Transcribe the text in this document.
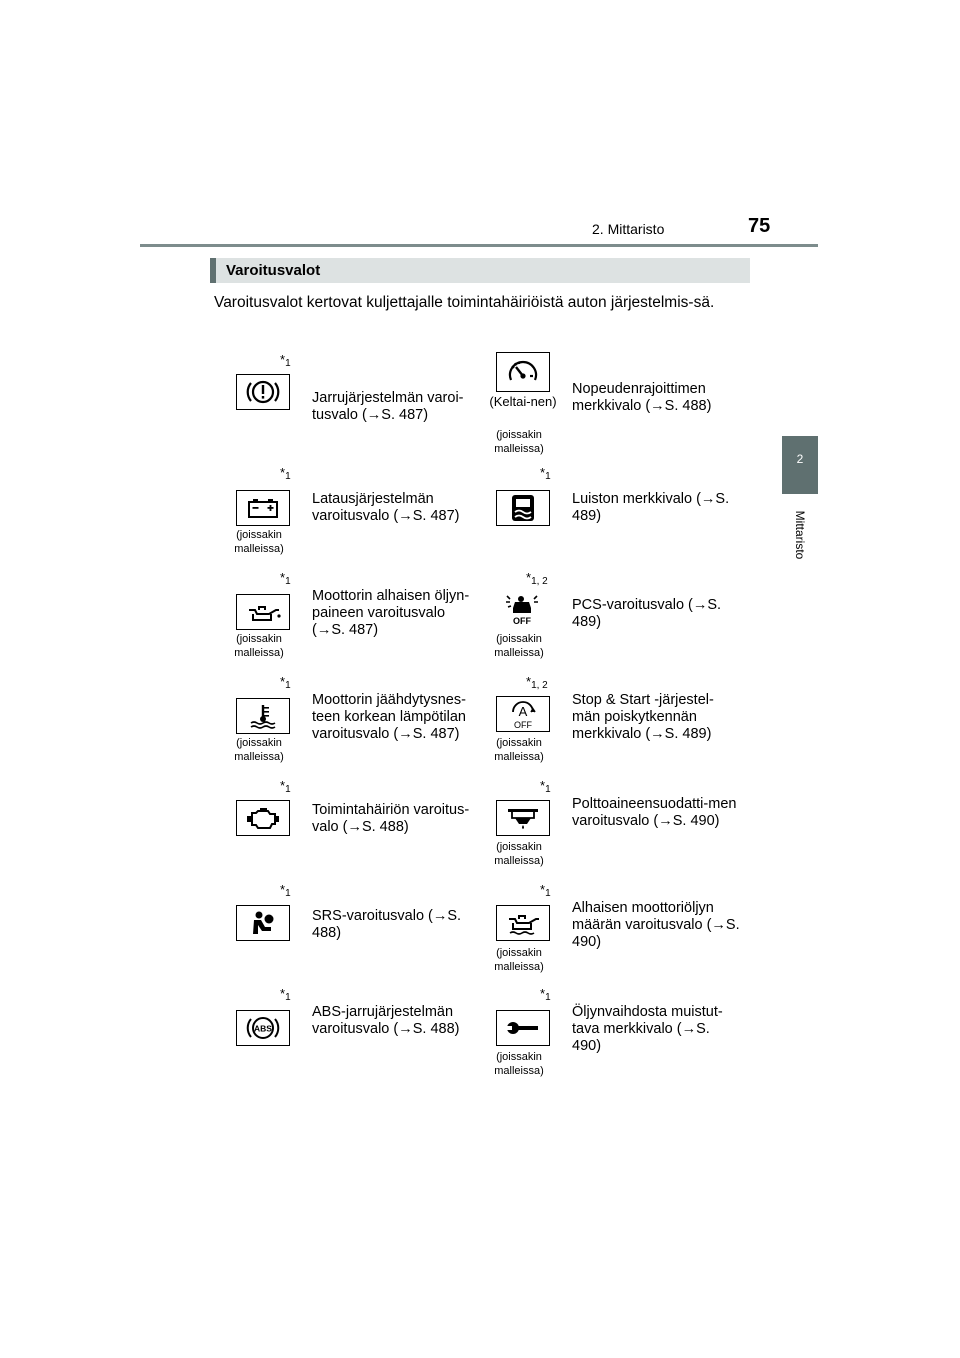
2. Mittaristo	75
2
Mittaristo
Varoitusvalot
Varoitusvalot kertovat kuljettajalle toimintahäiriöistä auton järjestelmis-sä.
$*_1$
Jarrujärjestelmän varoi-tusvalo (→S. 487)
$*_1$
(joissakin malleissa)
Latausjärjestelmän varoitusvalo (→S. 487)
$*_1$
(joissakin malleissa)
Moottorin alhaisen öljyn-paineen varoitusvalo (→S. 487)
$*_1$
(joissakin malleissa)
Moottorin jäähdytysnes-teen korkean lämpötilan varoitusvalo (→S. 487)
$*_1$
Toimintahäiriön varoitus-valo (→S. 488)
$*_1$
SRS-varoitusvalo (→S. 488)
$*_1$
ABS
ABS-jarrujärjestelmän varoitusvalo (→S. 488)
(Keltai-nen)
(joissakin malleissa)
Nopeudenrajoittimen merkkivalo (→S. 488)
$*_1$
Luiston merkkivalo (→S. 489)
$*_{1, 2}$
OFF
(joissakin malleissa)
PCS-varoitusvalo (→S. 489)
$*_{1, 2}$
A
OFF
(joissakin malleissa)
Stop & Start -järjestel-män poiskytkennän merkkivalo (→S. 489)
$*_1$
(joissakin malleissa)
Polttoaineensuodatti-men varoitusvalo (→S. 490)
$*_1$
(joissakin malleissa)
Alhaisen moottoriöljyn määrän varoitusvalo (→S. 490)
$*_1$
(joissakin malleissa)
Öljynvaihdosta muistut-tava merkkivalo (→S. 490)
